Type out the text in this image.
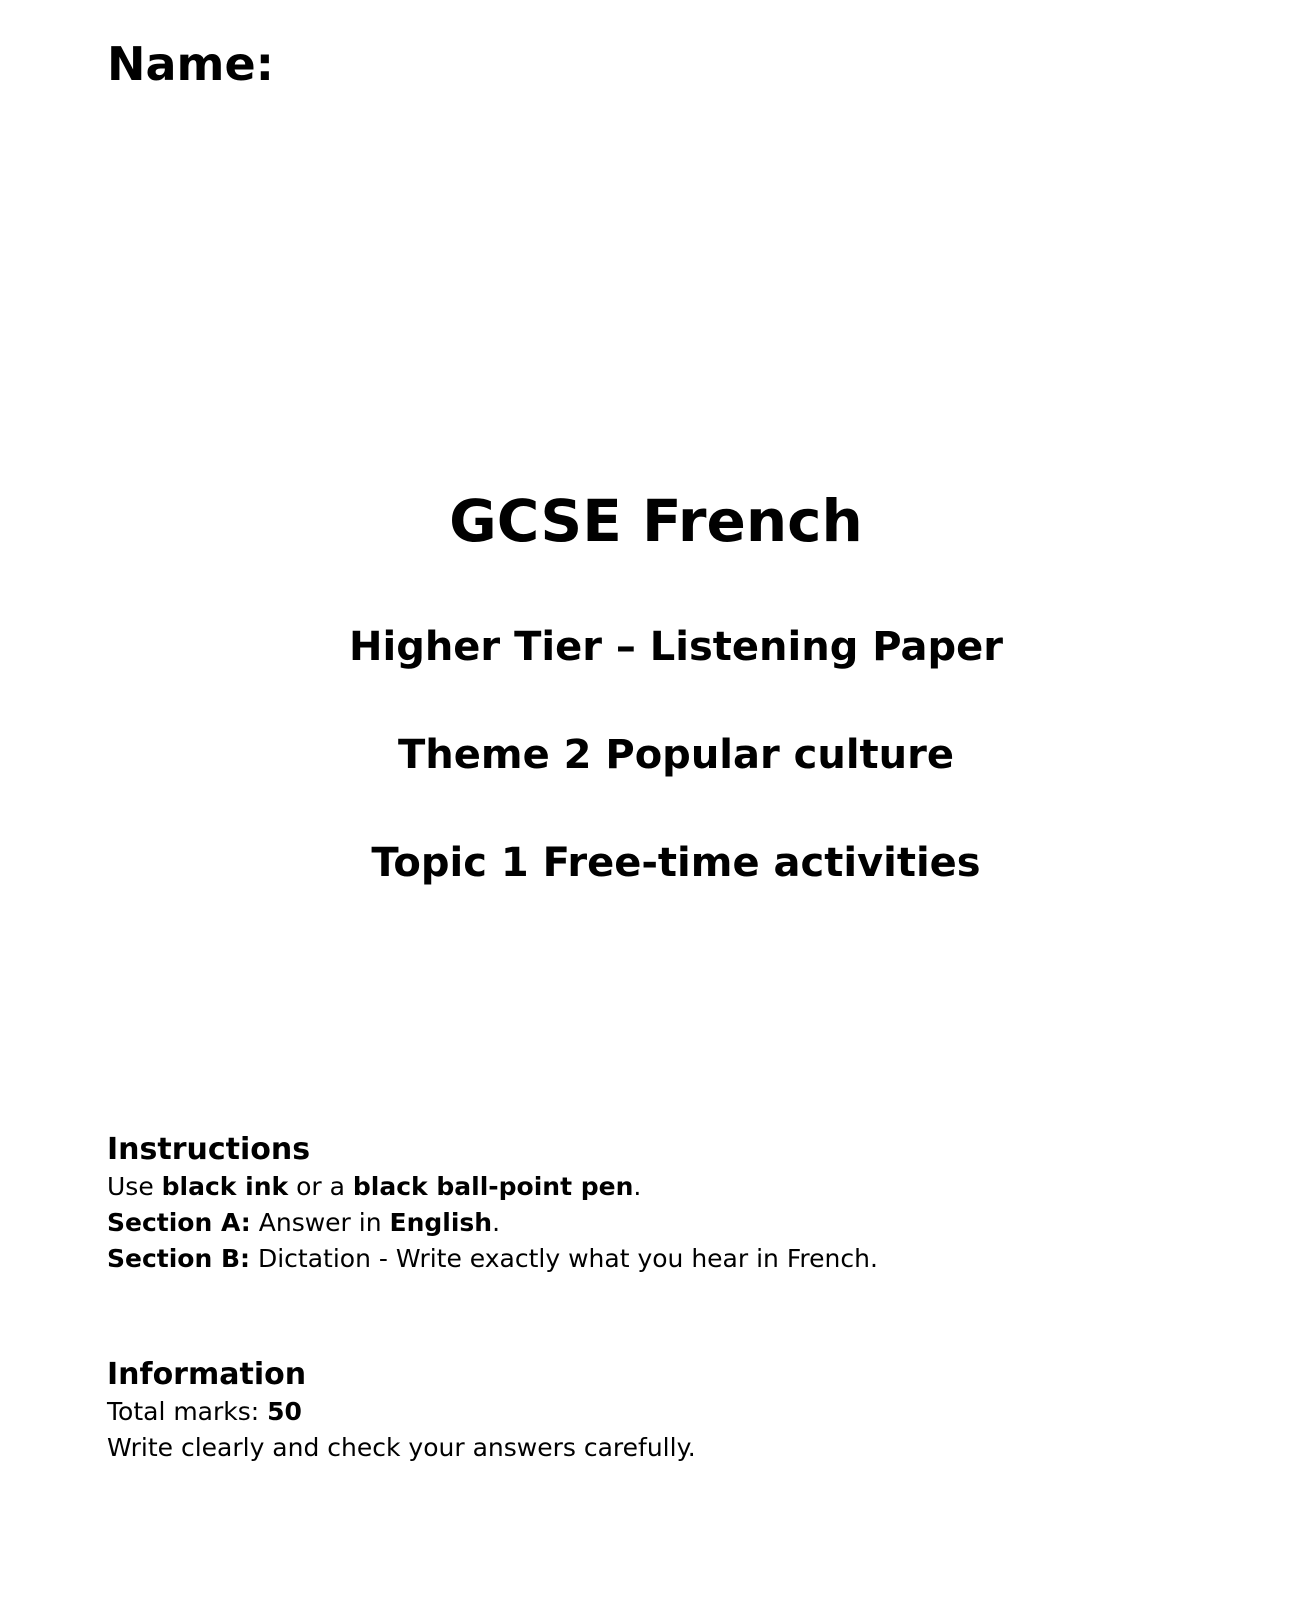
Name:
GCSE French
Higher Tier – Listening Paper
Theme 2 Popular culture
Topic 1 Free-time activities
Instructions

Use black ink or a black ball-point pen.

Section A: Answer in English.

Section B: Dictation - Write exactly what you hear in French.

Information

Total marks: 50

Write clearly and check your answers carefully.
